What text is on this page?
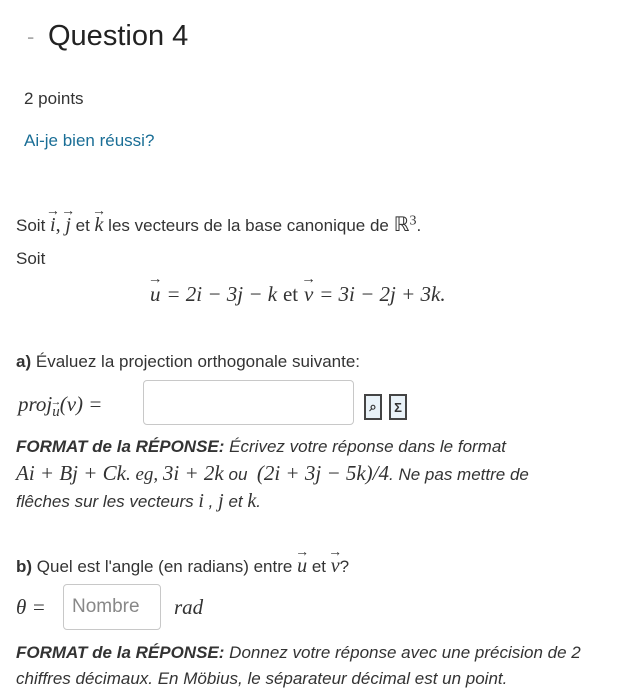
- Question 4
2 points
Ai-je bien réussi?
Soit → i, → j et → k les vecteurs de la base canonique de ℝ$^3$.
Soit
→ u = 2i − 3j − k et → v = 3i − 2j + 3k.
a) Évaluez la projection orthogonale suivante:
proj→ $_u$(v) =	⌕	Σ
FORMAT de la RÉPONSE: Écrivez votre réponse dans le format
Ai + Bj + Ck. eg, 3i + 2k ou (2i + 3j − 5k)/4. Ne pas mettre de
flêches sur les vecteurs i , j et k.
b) Quel est l'angle (en radians) entre → u et → v?
θ =
Nombre	rad
FORMAT de la RÉPONSE: Donnez votre réponse avec une précision de 2
chiffres décimaux. En Möbius, le séparateur décimal est un point.
